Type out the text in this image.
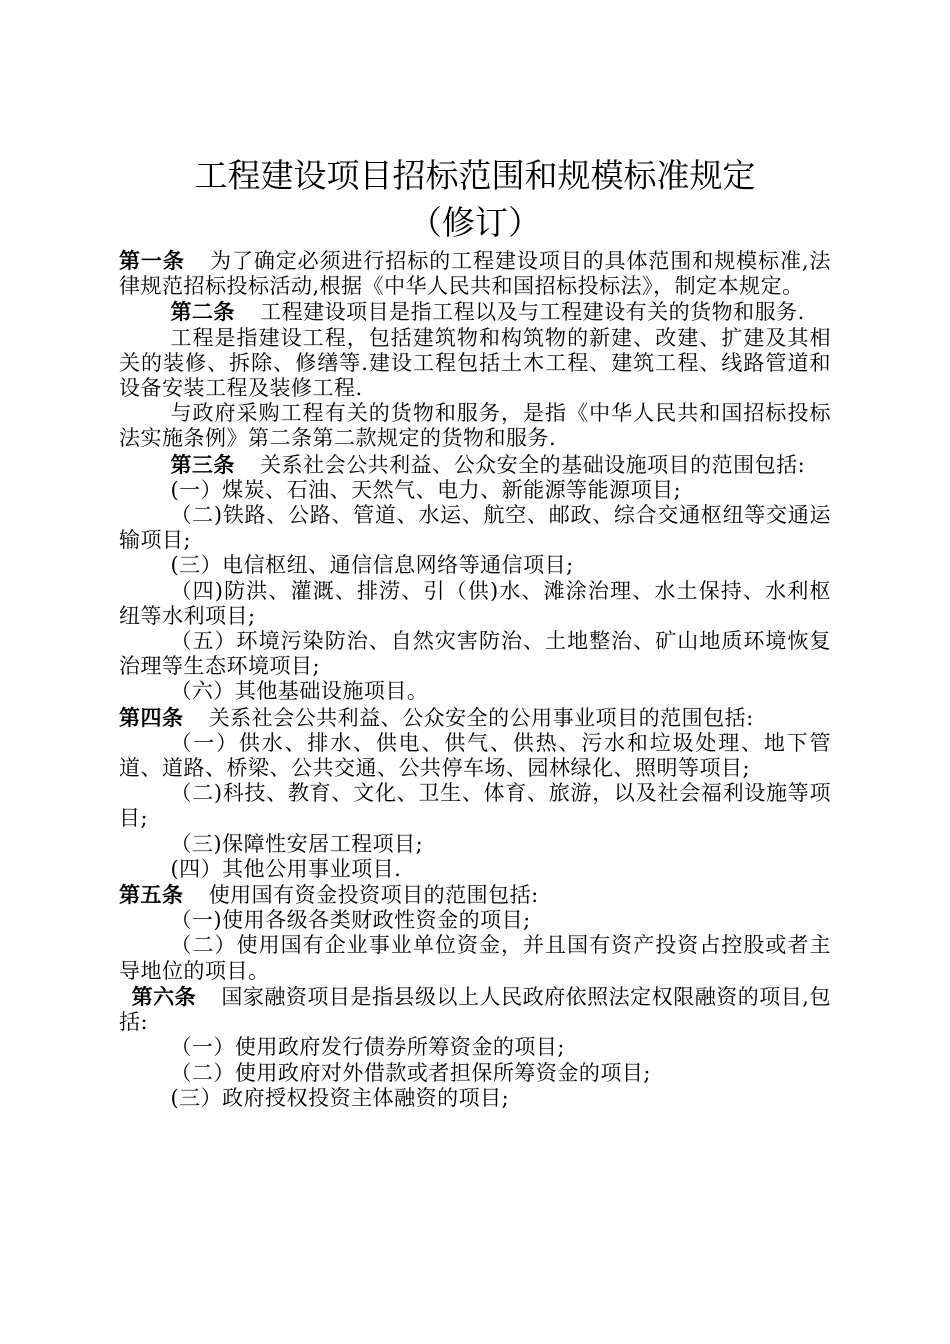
工程建设项目招标范围和规模标准规定
（修订）

第一条 为了确定必须进行招标的工程建设项目的具体范围和规模标准,法律规范招标投标活动,根据《中华人民共和国招标投标法》，制定本规定。

第二条 工程建设项目是指工程以及与工程建设有关的货物和服务.

工程是指建设工程，包括建筑物和构筑物的新建、改建、扩建及其相关的装修、拆除、修缮等.建设工程包括土木工程、建筑工程、线路管道和设备安装工程及装修工程.

与政府采购工程有关的货物和服务，是指《中华人民共和国招标投标法实施条例》第二条第二款规定的货物和服务.

第三条 关系社会公共利益、公众安全的基础设施项目的范围包括:

(一）煤炭、石油、天然气、电力、新能源等能源项目;

（二)铁路、公路、管道、水运、航空、邮政、综合交通枢纽等交通运输项目;

(三）电信枢纽、通信信息网络等通信项目;

（四)防洪、灌溉、排涝、引（供)水、滩涂治理、水土保持、水利枢纽等水利项目;

（五）环境污染防治、自然灾害防治、土地整治、矿山地质环境恢复治理等生态环境项目;

（六）其他基础设施项目。

第四条 关系社会公共利益、公众安全的公用事业项目的范围包括:

（一）供水、排水、供电、供气、供热、污水和垃圾处理、地下管道、道路、桥梁、公共交通、公共停车场、园林绿化、照明等项目;

（二)科技、教育、文化、卫生、体育、旅游，以及社会福利设施等项目;

（三)保障性安居工程项目;

(四）其他公用事业项目.

第五条 使用国有资金投资项目的范围包括:

（一)使用各级各类财政性资金的项目;

（二）使用国有企业事业单位资金，并且国有资产投资占控股或者主导地位的项目。

第六条 国家融资项目是指县级以上人民政府依照法定权限融资的项目,包括:

（一）使用政府发行债券所筹资金的项目;

（二）使用政府对外借款或者担保所筹资金的项目;

(三）政府授权投资主体融资的项目;
